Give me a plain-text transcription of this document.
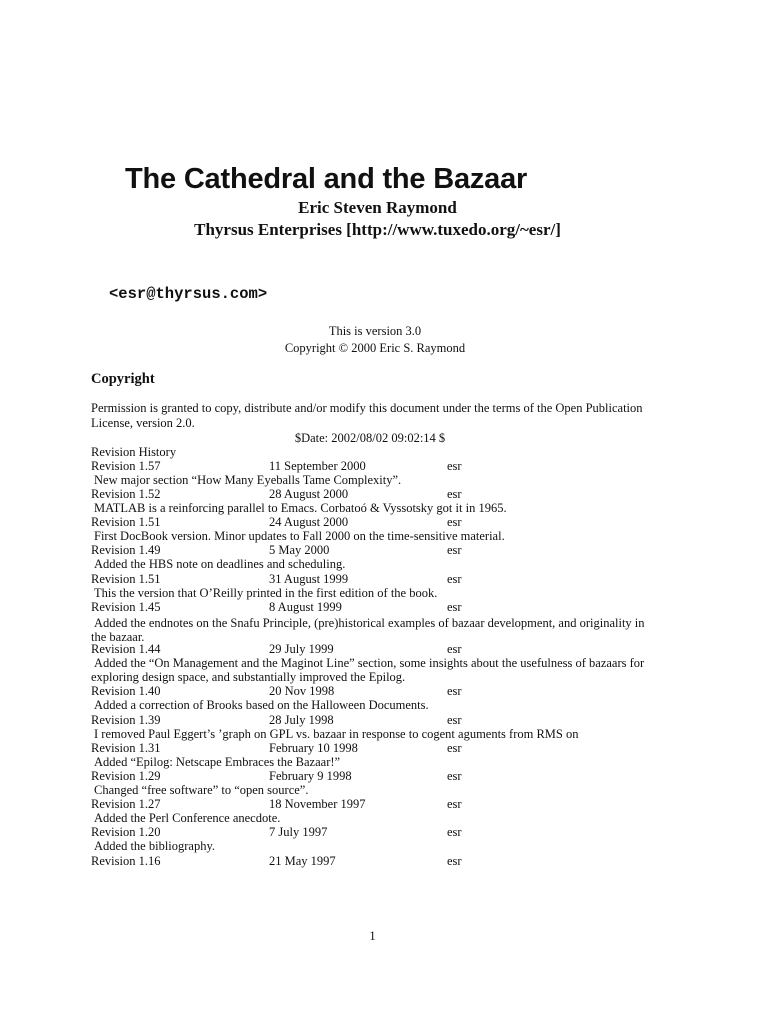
The Cathedral and the Bazaar
Eric Steven Raymond
Thyrsus Enterprises [http://www.tuxedo.org/~esr/]
<esr@thyrsus.com>
This is version 3.0
Copyright © 2000 Eric S. Raymond
Copyright
Permission is granted to copy, distribute and/or modify this document under the terms of the Open Publication License, version 2.0.
$Date: 2002/08/02 09:02:14 $
Revision History
Revision 1.57	11 September 2000	esr
New major section “How Many Eyeballs Tame Complexity”.
Revision 1.52	28 August 2000	esr
MATLAB is a reinforcing parallel to Emacs. Corbatoó & Vyssotsky got it in 1965.
Revision 1.51	24 August 2000	esr
First DocBook version. Minor updates to Fall 2000 on the time-sensitive material.
Revision 1.49	5 May 2000	esr
Added the HBS note on deadlines and scheduling.
Revision 1.51	31 August 1999	esr
This the version that O’Reilly printed in the first edition of the book.
Revision 1.45	8 August 1999	esr
Added the endnotes on the Snafu Principle, (pre)historical examples of bazaar development, and originality in the bazaar.
Revision 1.44	29 July 1999	esr
Added the “On Management and the Maginot Line” section, some insights about the usefulness of bazaars for exploring design space, and substantially improved the Epilog.
Revision 1.40	20 Nov 1998	esr
Added a correction of Brooks based on the Halloween Documents.
Revision 1.39	28 July 1998	esr
I removed Paul Eggert’s ’graph on GPL vs. bazaar in response to cogent aguments from RMS on
Revision 1.31	February 10 1998	esr
Added “Epilog: Netscape Embraces the Bazaar!”
Revision 1.29	February 9 1998	esr
Changed “free software” to “open source”.
Revision 1.27	18 November 1997	esr
Added the Perl Conference anecdote.
Revision 1.20	7 July 1997	esr
Added the bibliography.
Revision 1.16	21 May 1997	esr
1
